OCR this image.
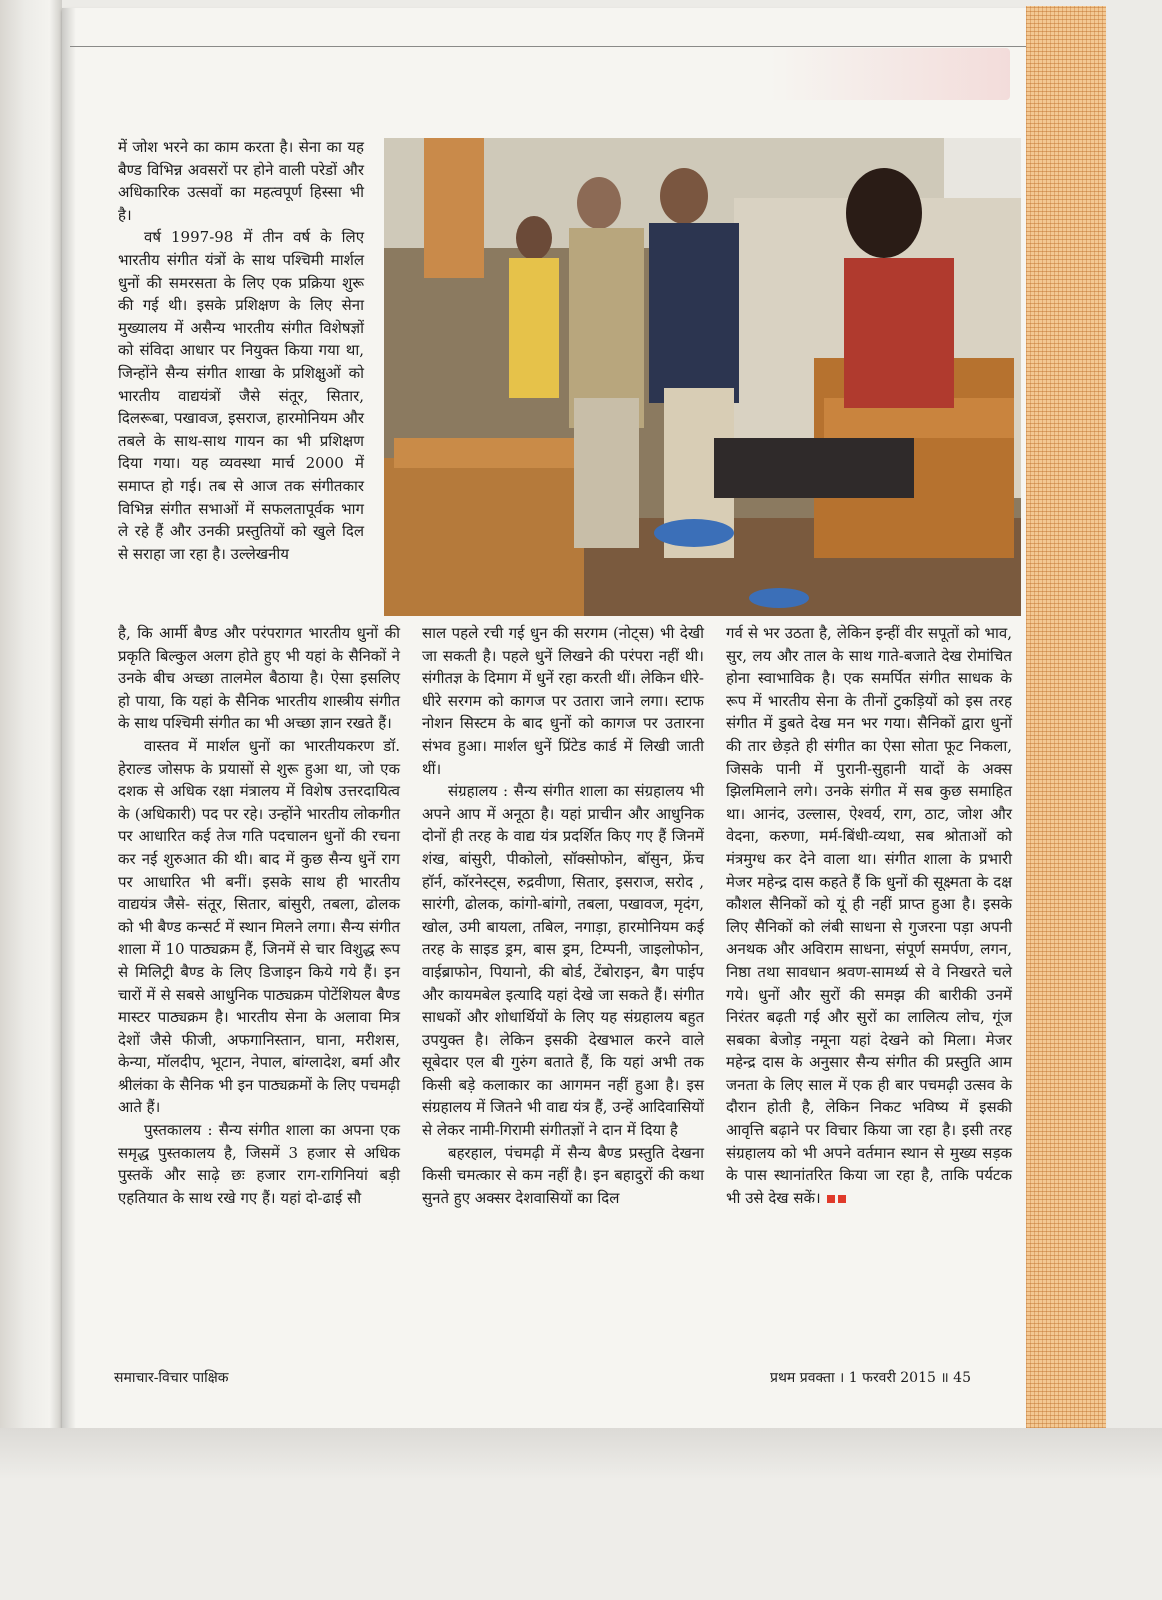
में जोश भरने का काम करता है। सेना का यह बैण्ड विभिन्न अवसरों पर होने वाली परेडों और अधिकारिक उत्सवों का महत्वपूर्ण हिस्सा भी है।

वर्ष 1997-98 में तीन वर्ष के लिए भारतीय संगीत यंत्रों के साथ पश्चिमी मार्शल धुनों की समरसता के लिए एक प्रक्रिया शुरू की गई थी। इसके प्रशिक्षण के लिए सेना मुख्यालय में असैन्य भारतीय संगीत विशेषज्ञों को संविदा आधार पर नियुक्त किया गया था, जिन्होंने सैन्य संगीत शाखा के प्रशिक्षुओं को भारतीय वाद्ययंत्रों जैसे संतूर, सितार, दिलरूबा, पखावज, इसराज, हारमोनियम और तबले के साथ-साथ गायन का भी प्रशिक्षण दिया गया। यह व्यवस्था मार्च 2000 में समाप्त हो गई। तब से आज तक संगीतकार विभिन्न संगीत सभाओं में सफलतापूर्वक भाग ले रहे हैं और उनकी प्रस्तुतियों को खुले दिल से सराहा जा रहा है। उल्लेखनीय

है, कि आर्मी बैण्ड और परंपरागत भारतीय धुनों की प्रकृति बिल्कुल अलग होते हुए भी यहां के सैनिकों ने उनके बीच अच्छा तालमेल बैठाया है। ऐसा इसलिए हो पाया, कि यहां के सैनिक भारतीय शास्त्रीय संगीत के साथ पश्चिमी संगीत का भी अच्छा ज्ञान रखते हैं।

वास्तव में मार्शल धुनों का भारतीयकरण डॉ. हेराल्ड जोसफ के प्रयासों से शुरू हुआ था, जो एक दशक से अधिक रक्षा मंत्रालय में विशेष उत्तरदायित्व के (अधिकारी) पद पर रहे। उन्होंने भारतीय लोकगीत पर आधारित कई तेज गति पदचालन धुनों की रचना कर नई शुरुआत की थी। बाद में कुछ सैन्य धुनें राग पर आधारित भी बनीं। इसके साथ ही भारतीय वाद्ययंत्र जैसे- संतूर, सितार, बांसुरी, तबला, ढोलक को भी बैण्ड कन्सर्ट में स्थान मिलने लगा। सैन्य संगीत शाला में 10 पाठ्यक्रम हैं, जिनमें से चार विशुद्ध रूप से मिलिट्री बैण्ड के लिए डिजाइन किये गये हैं। इन चारों में से सबसे आधुनिक पाठ्यक्रम पोटेंशियल बैण्ड मास्टर पाठ्यक्रम है। भारतीय सेना के अलावा मित्र देशों जैसे फीजी, अफगानिस्तान, घाना, मरीशस, केन्या, मॉलदीप, भूटान, नेपाल, बांग्लादेश, बर्मा और श्रीलंका के सैनिक भी इन पाठ्यक्रमों के लिए पचमढ़ी आते हैं।

पुस्तकालय : सैन्य संगीत शाला का अपना एक समृद्ध पुस्तकालय है, जिसमें 3 हजार से अधिक पुस्तकें और साढ़े छः हजार राग-रागिनियां बड़ी एहतियात के साथ रखे गए हैं। यहां दो-ढाई सौ

साल पहले रची गई धुन की सरगम (नोट्स) भी देखी जा सकती है। पहले धुनें लिखने की परंपरा नहीं थी। संगीतज्ञ के दिमाग में धुनें रहा करती थीं। लेकिन धीरे-धीरे सरगम को कागज पर उतारा जाने लगा। स्टाफ नोशन सिस्टम के बाद धुनों को कागज पर उतारना संभव हुआ। मार्शल धुनें प्रिंटेड कार्ड में लिखी जाती थीं।

संग्रहालय : सैन्य संगीत शाला का संग्रहालय भी अपने आप में अनूठा है। यहां प्राचीन और आधुनिक दोनों ही तरह के वाद्य यंत्र प्रदर्शित किए गए हैं जिनमें शंख, बांसुरी, पीकोलो, सॉक्सोफोन, बॉसुन, फ्रेंच हॉर्न, कॉरनेस्ट्स, रुद्रवीणा, सितार, इसराज, सरोद , सारंगी, ढोलक, कांगो-बांगो, तबला, पखावज, मृदंग, खोल, उमी बायला, तबिल, नगाड़ा, हारमोनियम कई तरह के साइड ड्रम, बास ड्रम, टिम्पनी, जाइलोफोन, वाईब्राफोन, पियानो, की बोर्ड, टेंबोराइन, बैग पाईप और कायमबेल इत्यादि यहां देखे जा सकते हैं। संगीत साधकों और शोधार्थियों के लिए यह संग्रहालय बहुत उपयुक्त है। लेकिन इसकी देखभाल करने वाले सूबेदार एल बी गुरुंग बताते हैं, कि यहां अभी तक किसी बड़े कलाकार का आगमन नहीं हुआ है। इस संग्रहालय में जितने भी वाद्य यंत्र हैं, उन्हें आदिवासियों से लेकर नामी-गिरामी संगीतज्ञों ने दान में दिया है

बहरहाल, पंचमढ़ी में सैन्य बैण्ड प्रस्तुति देखना किसी चमत्कार से कम नहीं है। इन बहादुरों की कथा सुनते हुए अक्सर देशवासियों का दिल

गर्व से भर उठता है, लेकिन इन्हीं वीर सपूतों को भाव, सुर, लय और ताल के साथ गाते-बजाते देख रोमांचित होना स्वाभाविक है। एक समर्पित संगीत साधक के रूप में भारतीय सेना के तीनों टुकड़ियों को इस तरह संगीत में डुबते देख मन भर गया। सैनिकों द्वारा धुनों की तार छेड़ते ही संगीत का ऐसा सोता फूट निकला, जिसके पानी में पुरानी-सुहानी यादों के अक्स झिलमिलाने लगे। उनके संगीत में सब कुछ समाहित था। आनंद, उल्लास, ऐश्वर्य, राग, ठाट, जोश और वेदना, करुणा, मर्म-बिंधी-व्यथा, सब श्रोताओं को मंत्रमुग्ध कर देने वाला था। संगीत शाला के प्रभारी मेजर महेन्द्र दास कहते हैं कि धुनों की सूक्ष्मता के दक्ष कौशल सैनिकों को यूं ही नहीं प्राप्त हुआ है। इसके लिए सैनिकों को लंबी साधना से गुजरना पड़ा अपनी अनथक और अविराम साधना, संपूर्ण समर्पण, लगन, निष्ठा तथा सावधान श्रवण-सामर्थ्य से वे निखरते चले गये। धुनों और सुरों की समझ की बारीकी उनमें निरंतर बढ़ती गई और सुरों का लालित्य लोच, गूंज सबका बेजोड़ नमूना यहां देखने को मिला। मेजर महेन्द्र दास के अनुसार सैन्य संगीत की प्रस्तुति आम जनता के लिए साल में एक ही बार पचमढ़ी उत्सव के दौरान होती है, लेकिन निकट भविष्य में इसकी आवृत्ति बढ़ाने पर विचार किया जा रहा है। इसी तरह संग्रहालय को भी अपने वर्तमान स्थान से मुख्य सड़क के पास स्थानांतरित किया जा रहा है, ताकि पर्यटक भी उसे देख सकें।

समाचार-विचार पाक्षिक	प्रथम प्रवक्ता । 1 फरवरी 2015 ॥ 45
